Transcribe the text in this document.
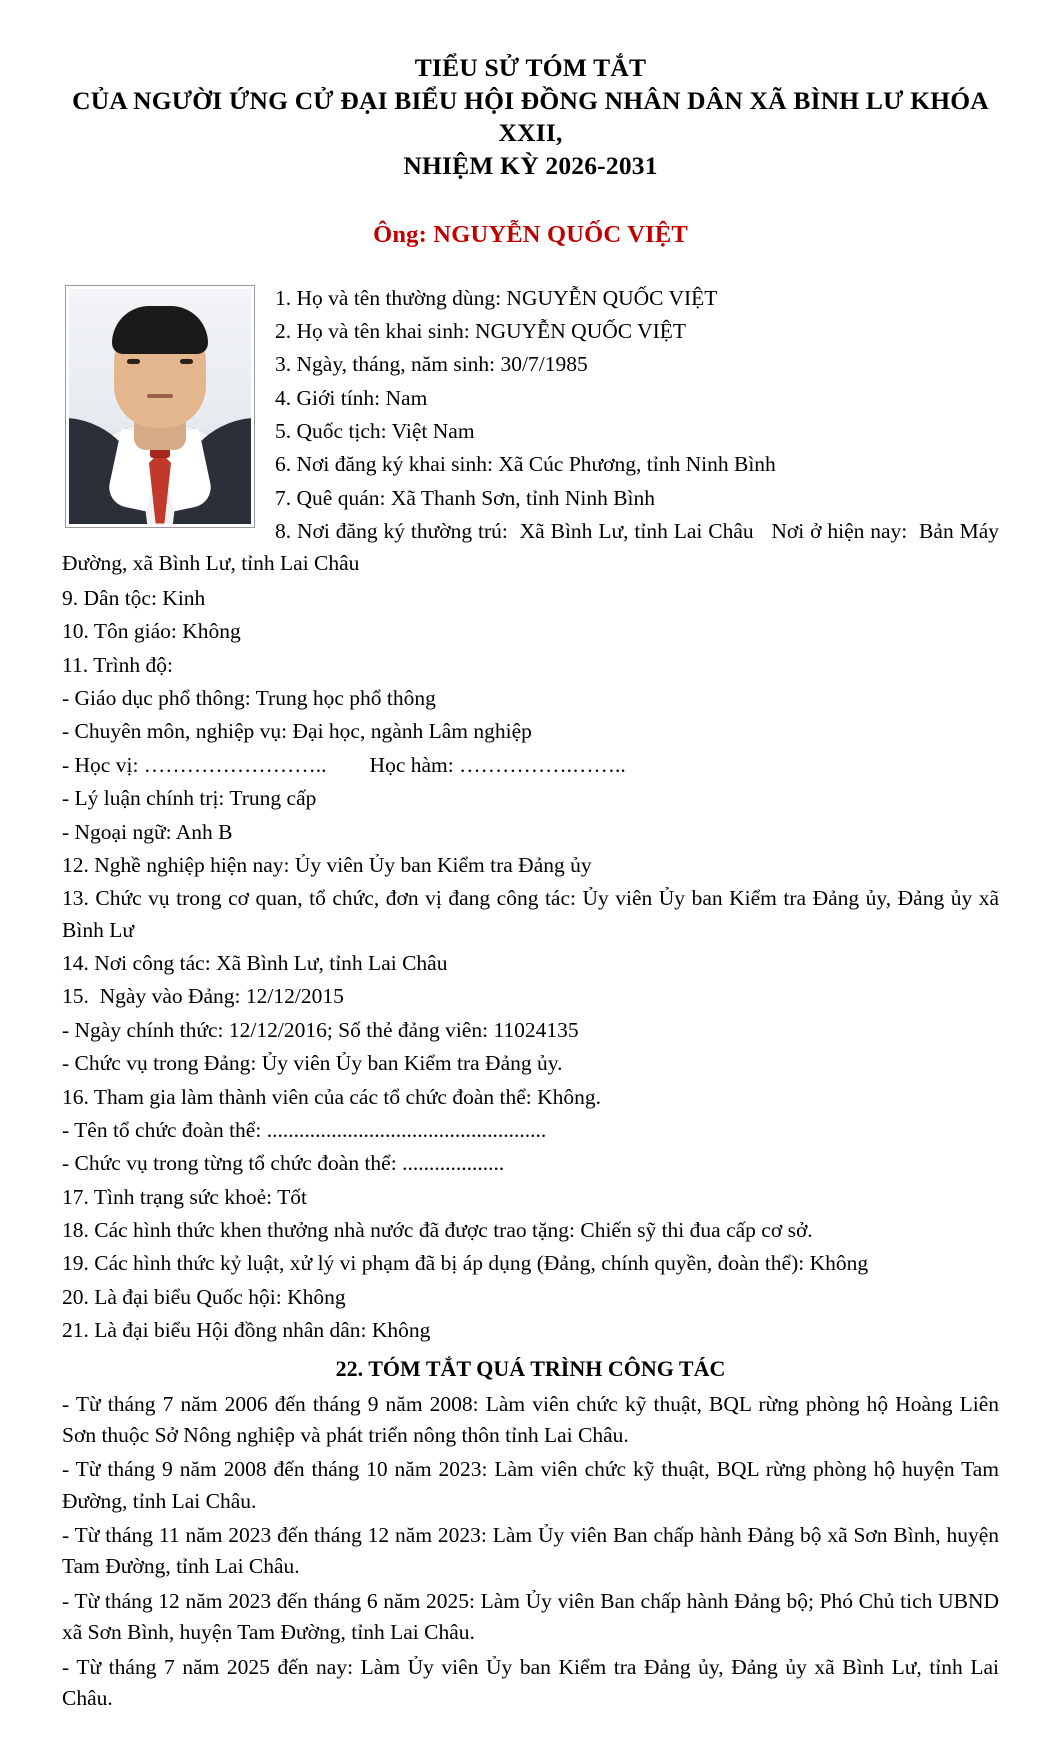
TIỂU SỬ TÓM TẮT
CỦA NGƯỜI ỨNG CỬ ĐẠI BIỂU HỘI ĐỒNG NHÂN DÂN XÃ BÌNH LƯ KHÓA XXII,
NHIỆM KỲ 2026-2031
Ông: NGUYỄN QUỐC VIỆT
1. Họ và tên thường dùng: NGUYỄN QUỐC VIỆT
2. Họ và tên khai sinh: NGUYỄN QUỐC VIỆT
3. Ngày, tháng, năm sinh: 30/7/1985
4. Giới tính: Nam
5. Quốc tịch: Việt Nam
6. Nơi đăng ký khai sinh: Xã Cúc Phương, tỉnh Ninh Bình
7. Quê quán: Xã Thanh Sơn, tỉnh Ninh Bình
8. Nơi đăng ký thường trú:  Xã Bình Lư, tỉnh Lai Châu   Nơi ở hiện nay:  Bản Máy Đường, xã Bình Lư, tỉnh Lai Châu
9. Dân tộc: Kinh
10. Tôn giáo: Không
11. Trình độ:
- Giáo dục phổ thông: Trung học phổ thông
- Chuyên môn, nghiệp vụ: Đại học, ngành Lâm nghiệp
- Học vị: ……………………..        Học hàm: …………….……..
- Lý luận chính trị: Trung cấp
- Ngoại ngữ: Anh B
12. Nghề nghiệp hiện nay: Ủy viên Ủy ban Kiểm tra Đảng ủy
13. Chức vụ trong cơ quan, tổ chức, đơn vị đang công tác: Ủy viên Ủy ban Kiểm tra Đảng ủy, Đảng ủy xã Bình Lư
14. Nơi công tác: Xã Bình Lư, tỉnh Lai Châu
15.  Ngày vào Đảng: 12/12/2015
- Ngày chính thức: 12/12/2016; Số thẻ đảng viên: 11024135
- Chức vụ trong Đảng: Ủy viên Ủy ban Kiểm tra Đảng ủy.
16. Tham gia làm thành viên của các tổ chức đoàn thể: Không.
- Tên tổ chức đoàn thể: ....................................................
- Chức vụ trong từng tổ chức đoàn thể: ...................
17. Tình trạng sức khoẻ: Tốt
18. Các hình thức khen thưởng nhà nước đã được trao tặng: Chiến sỹ thi đua cấp cơ sở.
19. Các hình thức kỷ luật, xử lý vi phạm đã bị áp dụng (Đảng, chính quyền, đoàn thể): Không
20. Là đại biểu Quốc hội: Không
21. Là đại biểu Hội đồng nhân dân: Không
22. TÓM TẮT QUÁ TRÌNH CÔNG TÁC

- Từ tháng 7 năm 2006 đến tháng 9 năm 2008: Làm viên chức kỹ thuật, BQL rừng phòng hộ Hoàng Liên Sơn thuộc Sở Nông nghiệp và phát triển nông thôn tỉnh Lai Châu.

- Từ tháng 9 năm 2008 đến tháng 10 năm 2023: Làm viên chức kỹ thuật, BQL rừng phòng hộ huyện Tam Đường, tỉnh Lai Châu.

- Từ tháng 11 năm 2023 đến tháng 12 năm 2023: Làm Ủy viên Ban chấp hành Đảng bộ xã Sơn Bình, huyện Tam Đường, tỉnh Lai Châu.

- Từ tháng 12 năm 2023 đến tháng 6 năm 2025: Làm Ủy viên Ban chấp hành Đảng bộ; Phó Chủ tich UBND xã Sơn Bình, huyện Tam Đường, tỉnh Lai Châu.

- Từ tháng 7 năm 2025 đến nay: Làm Ủy viên Ủy ban Kiểm tra Đảng ủy, Đảng ủy xã Bình Lư, tỉnh Lai Châu.
